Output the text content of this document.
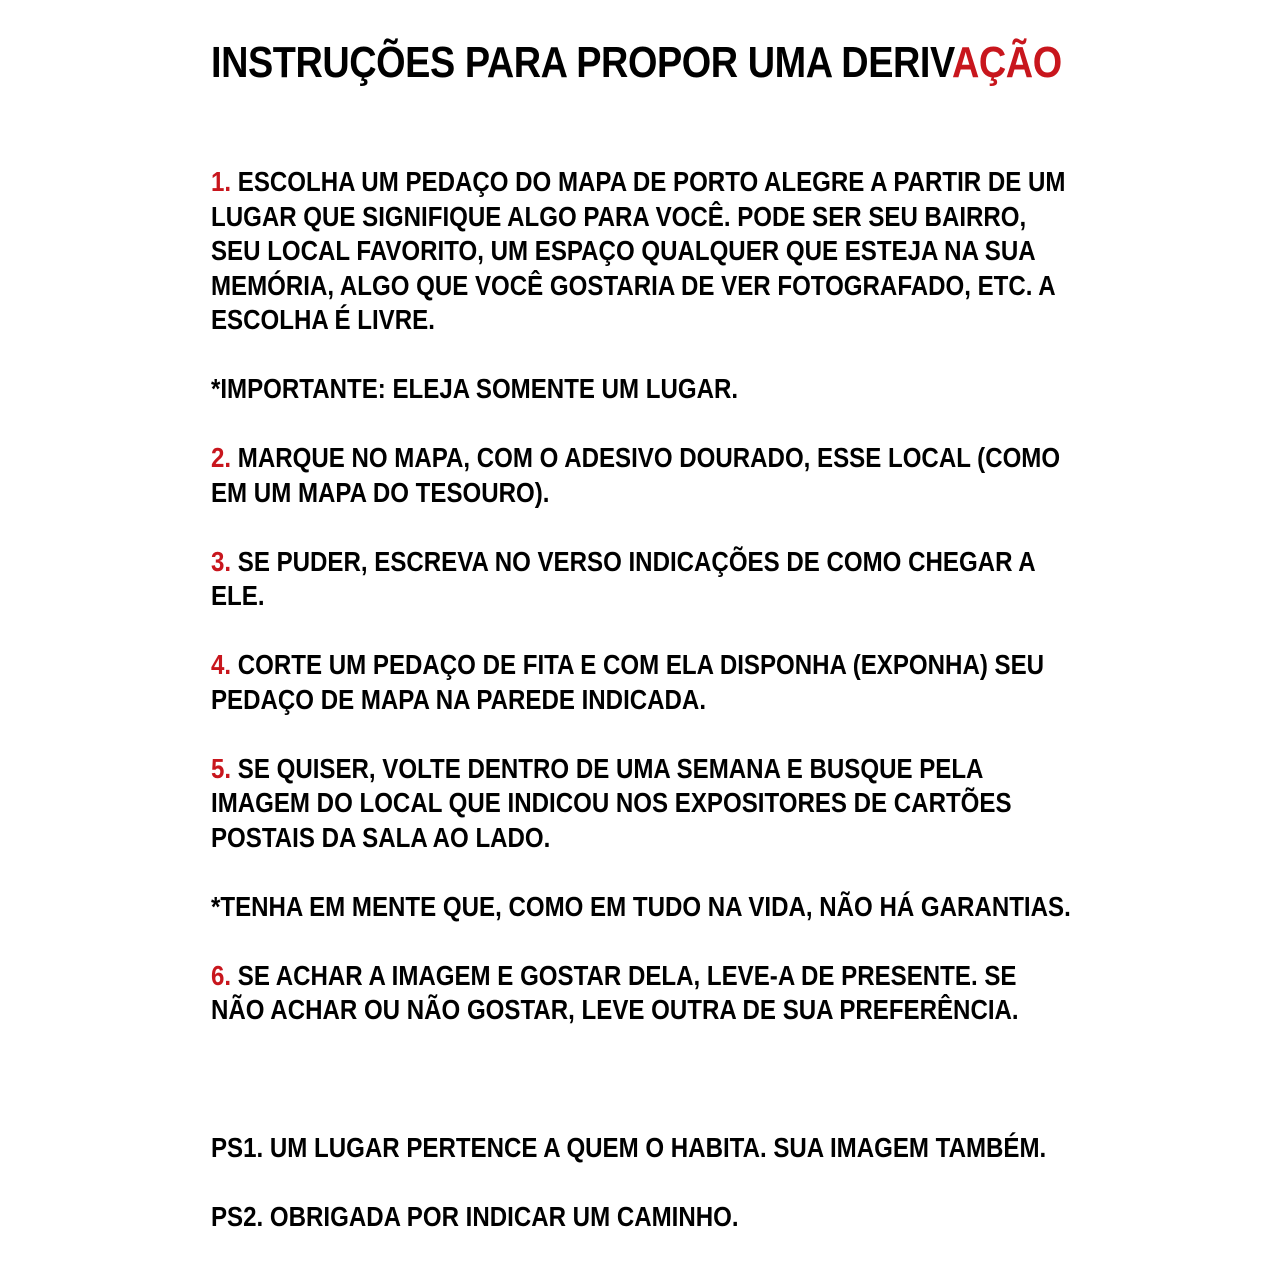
INSTRUÇÕES PARA PROPOR UMA DERIVAÇÃO

1. ESCOLHA UM PEDAÇO DO MAPA DE PORTO ALEGRE A PARTIR DE UM LUGAR QUE SIGNIFIQUE ALGO PARA VOCÊ. PODE SER SEU BAIRRO, SEU LOCAL FAVORITO, UM ESPAÇO QUALQUER QUE ESTEJA NA SUA MEMÓRIA, ALGO QUE VOCÊ GOSTARIA DE VER FOTOGRAFADO, ETC. A ESCOLHA É LIVRE.

*IMPORTANTE: ELEJA SOMENTE UM LUGAR.

2. MARQUE NO MAPA, COM O ADESIVO DOURADO, ESSE LOCAL (COMO EM UM MAPA DO TESOURO).

3. SE PUDER, ESCREVA NO VERSO INDICAÇÕES DE COMO CHEGAR A ELE.

4. CORTE UM PEDAÇO DE FITA E COM ELA DISPONHA (EXPONHA) SEU PEDAÇO DE MAPA NA PAREDE INDICADA.

5. SE QUISER, VOLTE DENTRO DE UMA SEMANA E BUSQUE PELA IMAGEM DO LOCAL QUE INDICOU NOS EXPOSITORES DE CARTÕES POSTAIS DA SALA AO LADO.

*TENHA EM MENTE QUE, COMO EM TUDO NA VIDA, NÃO HÁ GARANTIAS.

6. SE ACHAR A IMAGEM E GOSTAR DELA, LEVE-A DE PRESENTE. SE NÃO ACHAR OU NÃO GOSTAR, LEVE OUTRA DE SUA PREFERÊNCIA.

PS1. UM LUGAR PERTENCE A QUEM O HABITA. SUA IMAGEM TAMBÉM.

PS2. OBRIGADA POR INDICAR UM CAMINHO.
